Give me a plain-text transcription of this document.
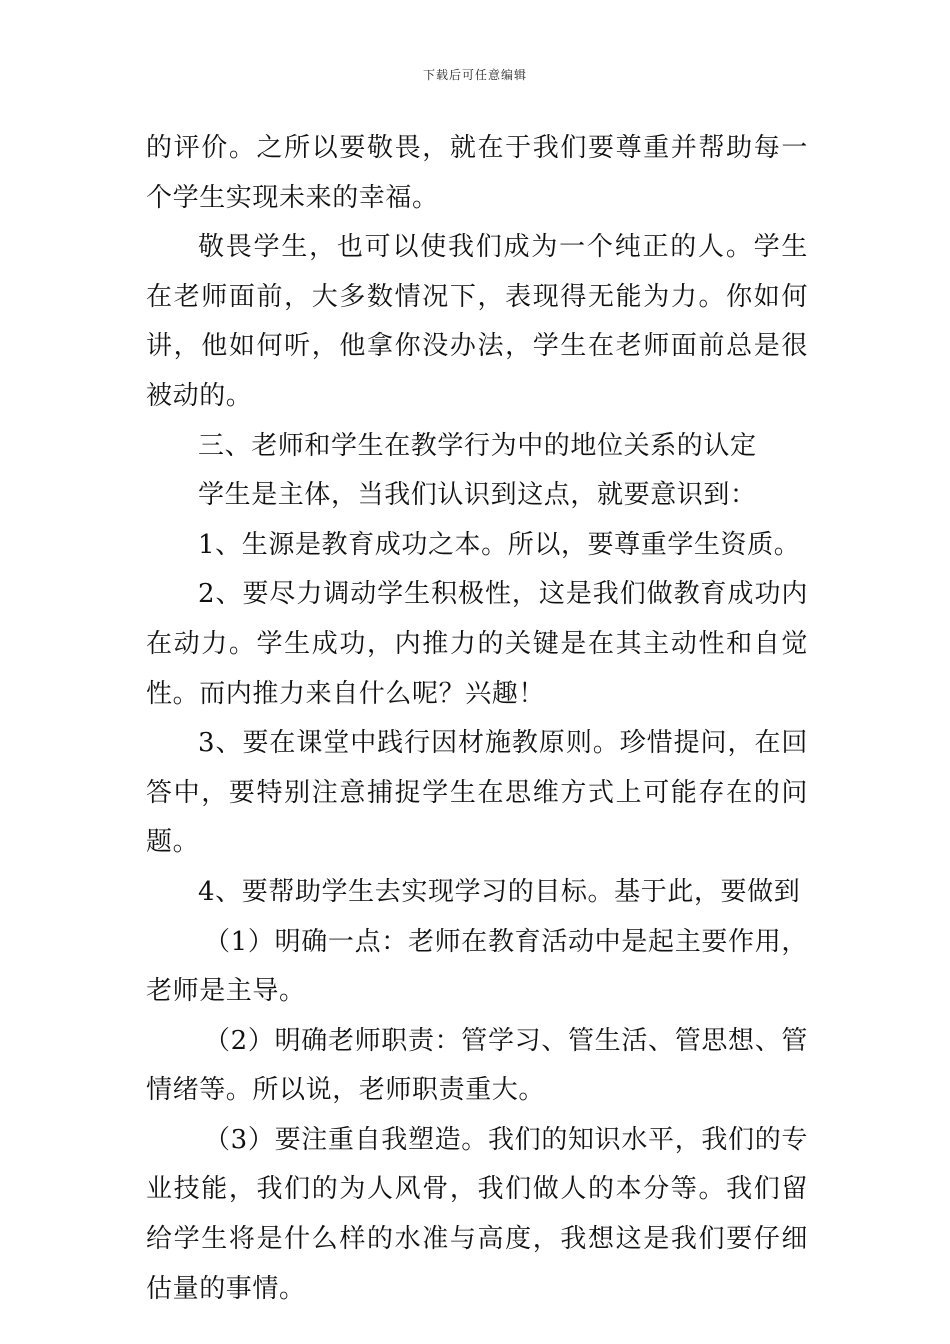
下载后可任意编辑

的评价。之所以要敬畏，就在于我们要尊重并帮助每一个学生实现未来的幸福。

敬畏学生，也可以使我们成为一个纯正的人。学生在老师面前，大多数情况下，表现得无能为力。你如何讲，他如何听，他拿你没办法，学生在老师面前总是很被动的。

三、老师和学生在教学行为中的地位关系的认定

学生是主体，当我们认识到这点，就要意识到：

1、生源是教育成功之本。所以，要尊重学生资质。

2、要尽力调动学生积极性，这是我们做教育成功内在动力。学生成功，内推力的关键是在其主动性和自觉性。而内推力来自什么呢？兴趣！

3、要在课堂中践行因材施教原则。珍惜提问，在回答中，要特别注意捕捉学生在思维方式上可能存在的问题。

4、要帮助学生去实现学习的目标。基于此，要做到

（1）明确一点：老师在教育活动中是起主要作用，老师是主导。

（2）明确老师职责：管学习、管生活、管思想、管情绪等。所以说，老师职责重大。

（3）要注重自我塑造。我们的知识水平，我们的专业技能，我们的为人风骨，我们做人的本分等。我们留给学生将是什么样的水准与高度，我想这是我们要仔细估量的事情。
